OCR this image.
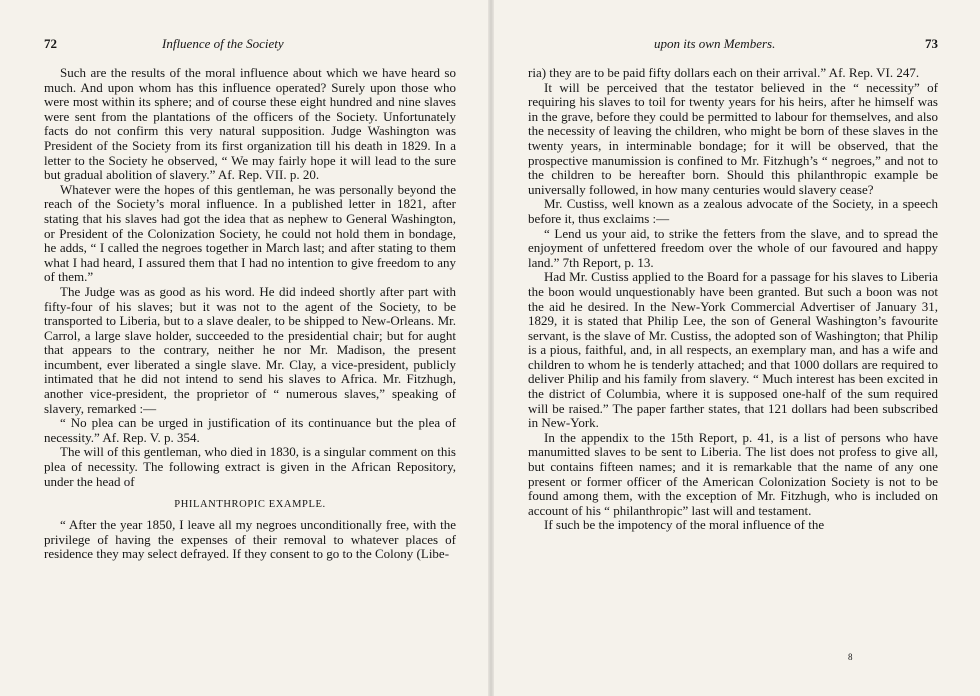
72	Influence of the Society

Such are the results of the moral influence about which we have heard so much. And upon whom has this influence operated? Surely upon those who were most within its sphere; and of course these eight hundred and nine slaves were sent from the plantations of the officers of the Society. Unfortunately facts do not confirm this very natural supposition. Judge Washington was President of the Society from its first organization till his death in 1829. In a letter to the Society he observed, “ We may fairly hope it will lead to the sure but gradual abolition of slavery.” Af. Rep. VII. p. 20.

Whatever were the hopes of this gentleman, he was personally beyond the reach of the Society’s moral influence. In a published letter in 1821, after stating that his slaves had got the idea that as nephew to General Washington, or President of the Colonization Society, he could not hold them in bondage, he adds, “ I called the negroes together in March last; and after stating to them what I had heard, I assured them that I had no intention to give freedom to any of them.”

The Judge was as good as his word. He did indeed shortly after part with fifty-four of his slaves; but it was not to the agent of the Society, to be transported to Liberia, but to a slave dealer, to be shipped to New-Orleans. Mr. Carrol, a large slave holder, succeeded to the presidential chair; but for aught that appears to the contrary, neither he nor Mr. Madison, the present incumbent, ever liberated a single slave. Mr. Clay, a vice-president, publicly intimated that he did not intend to send his slaves to Africa. Mr. Fitzhugh, another vice-president, the proprietor of “ numerous slaves,” speaking of slavery, remarked :—

“ No plea can be urged in justification of its continuance but the plea of necessity.” Af. Rep. V. p. 354.

The will of this gentleman, who died in 1830, is a singular comment on this plea of necessity. The following extract is given in the African Repository, under the head of

PHILANTHROPIC EXAMPLE.

“ After the year 1850, I leave all my negroes unconditionally free, with the privilege of having the expenses of their removal to whatever places of residence they may select defrayed. If they consent to go to the Colony (Libe-

upon its own Members.	73

ria) they are to be paid fifty dollars each on their arrival.” Af. Rep. VI. 247.

It will be perceived that the testator believed in the “ necessity” of requiring his slaves to toil for twenty years for his heirs, after he himself was in the grave, before they could be permitted to labour for themselves, and also the necessity of leaving the children, who might be born of these slaves in the twenty years, in interminable bondage; for it will be observed, that the prospective manumission is confined to Mr. Fitzhugh’s “ negroes,” and not to the children to be hereafter born. Should this philanthropic example be universally followed, in how many centuries would slavery cease?

Mr. Custiss, well known as a zealous advocate of the Society, in a speech before it, thus exclaims :—

“ Lend us your aid, to strike the fetters from the slave, and to spread the enjoyment of unfettered freedom over the whole of our favoured and happy land.” 7th Report, p. 13.

Had Mr. Custiss applied to the Board for a passage for his slaves to Liberia the boon would unquestionably have been granted. But such a boon was not the aid he desired. In the New-York Commercial Advertiser of January 31, 1829, it is stated that Philip Lee, the son of General Washington’s favourite servant, is the slave of Mr. Custiss, the adopted son of Washington; that Philip is a pious, faithful, and, in all respects, an exemplary man, and has a wife and children to whom he is tenderly attached; and that 1000 dollars are required to deliver Philip and his family from slavery. “ Much interest has been excited in the district of Columbia, where it is supposed one-half of the sum required will be raised.” The paper farther states, that 121 dollars had been subscribed in New-York.

In the appendix to the 15th Report, p. 41, is a list of persons who have manumitted slaves to be sent to Liberia. The list does not profess to give all, but contains fifteen names; and it is remarkable that the name of any one present or former officer of the American Colonization Society is not to be found among them, with the exception of Mr. Fitzhugh, who is included on account of his “ philanthropic” last will and testament.

If such be the impotency of the moral influence of the

8
